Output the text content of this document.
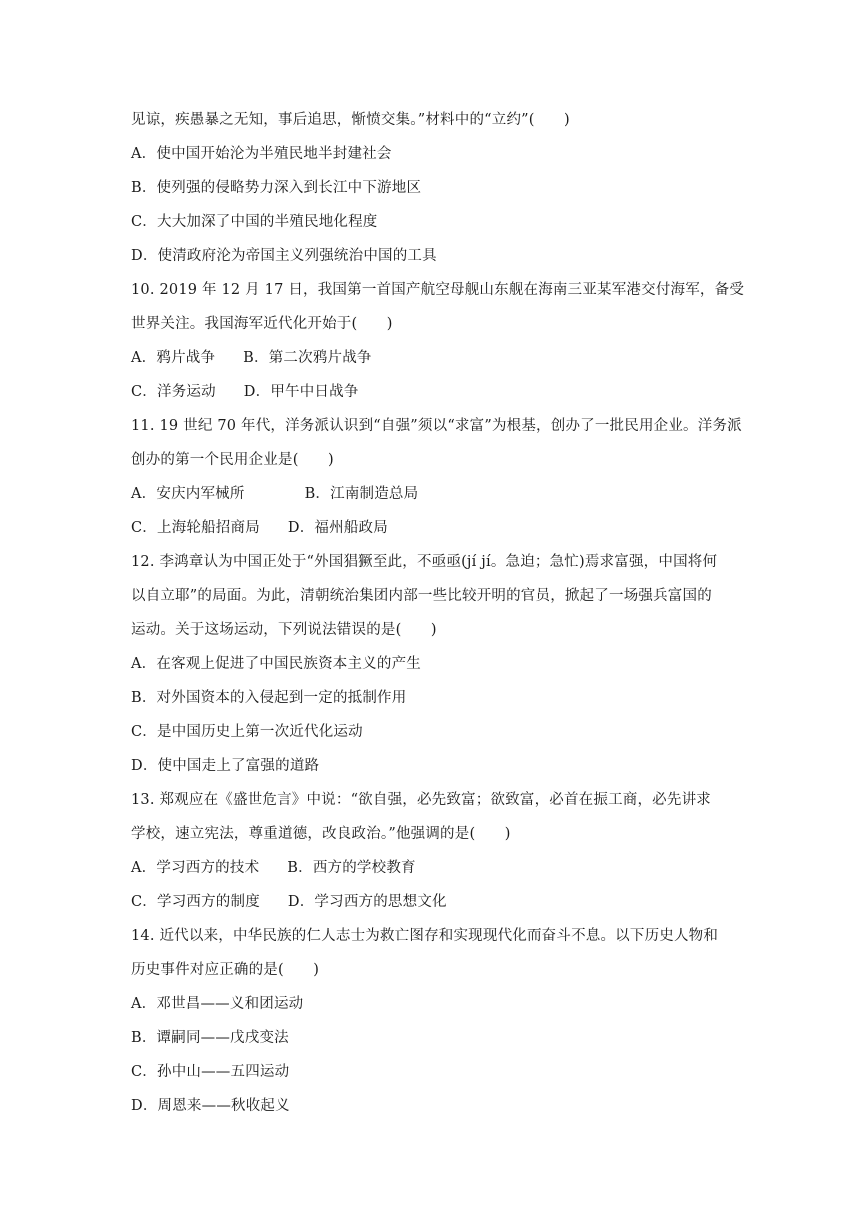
见谅，疾愚暴之无知，事后追思，惭愤交集。”材料中的“立约”(　　)
A．使中国开始沦为半殖民地半封建社会
B．使列强的侵略势力深入到长江中下游地区
C．大大加深了中国的半殖民地化程度
D．使清政府沦为帝国主义列强统治中国的工具
10. 2019 年 12 月 17 日，我国第一首国产航空母舰山东舰在海南三亚某军港交付海军，备受
世界关注。我国海军近代化开始于(　　)
A．鸦片战争 B．第二次鸦片战争
C．洋务运动 D．甲午中日战争
11. 19 世纪 70 年代，洋务派认识到“自强”须以“求富”为根基，创办了一批民用企业。洋务派
创办的第一个民用企业是(　　)
A．安庆内军械所	B．江南制造总局
C．上海轮船招商局 D．福州船政局
12. 李鸿章认为中国正处于“外国猖獗至此，不亟亟(jí jí。急迫；急忙)焉求富强，中国将何
以自立耶”的局面。为此，清朝统治集团内部一些比较开明的官员，掀起了一场强兵富国的
运动。关于这场运动，下列说法错误的是(　　)
A．在客观上促进了中国民族资本主义的产生
B．对外国资本的入侵起到一定的抵制作用
C．是中国历史上第一次近代化运动
D．使中国走上了富强的道路
13. 郑观应在《盛世危言》中说：“欲自强，必先致富；欲致富，必首在振工商，必先讲求
学校，速立宪法，尊重道德，改良政治。”他强调的是(　　)
A．学习西方的技术 B．西方的学校教育
C．学习西方的制度 D．学习西方的思想文化
14. 近代以来，中华民族的仁人志士为救亡图存和实现现代化而奋斗不息。以下历史人物和
历史事件对应正确的是(　　)
A．邓世昌——义和团运动
B．谭嗣同——戊戌变法
C．孙中山——五四运动
D．周恩来——秋收起义
